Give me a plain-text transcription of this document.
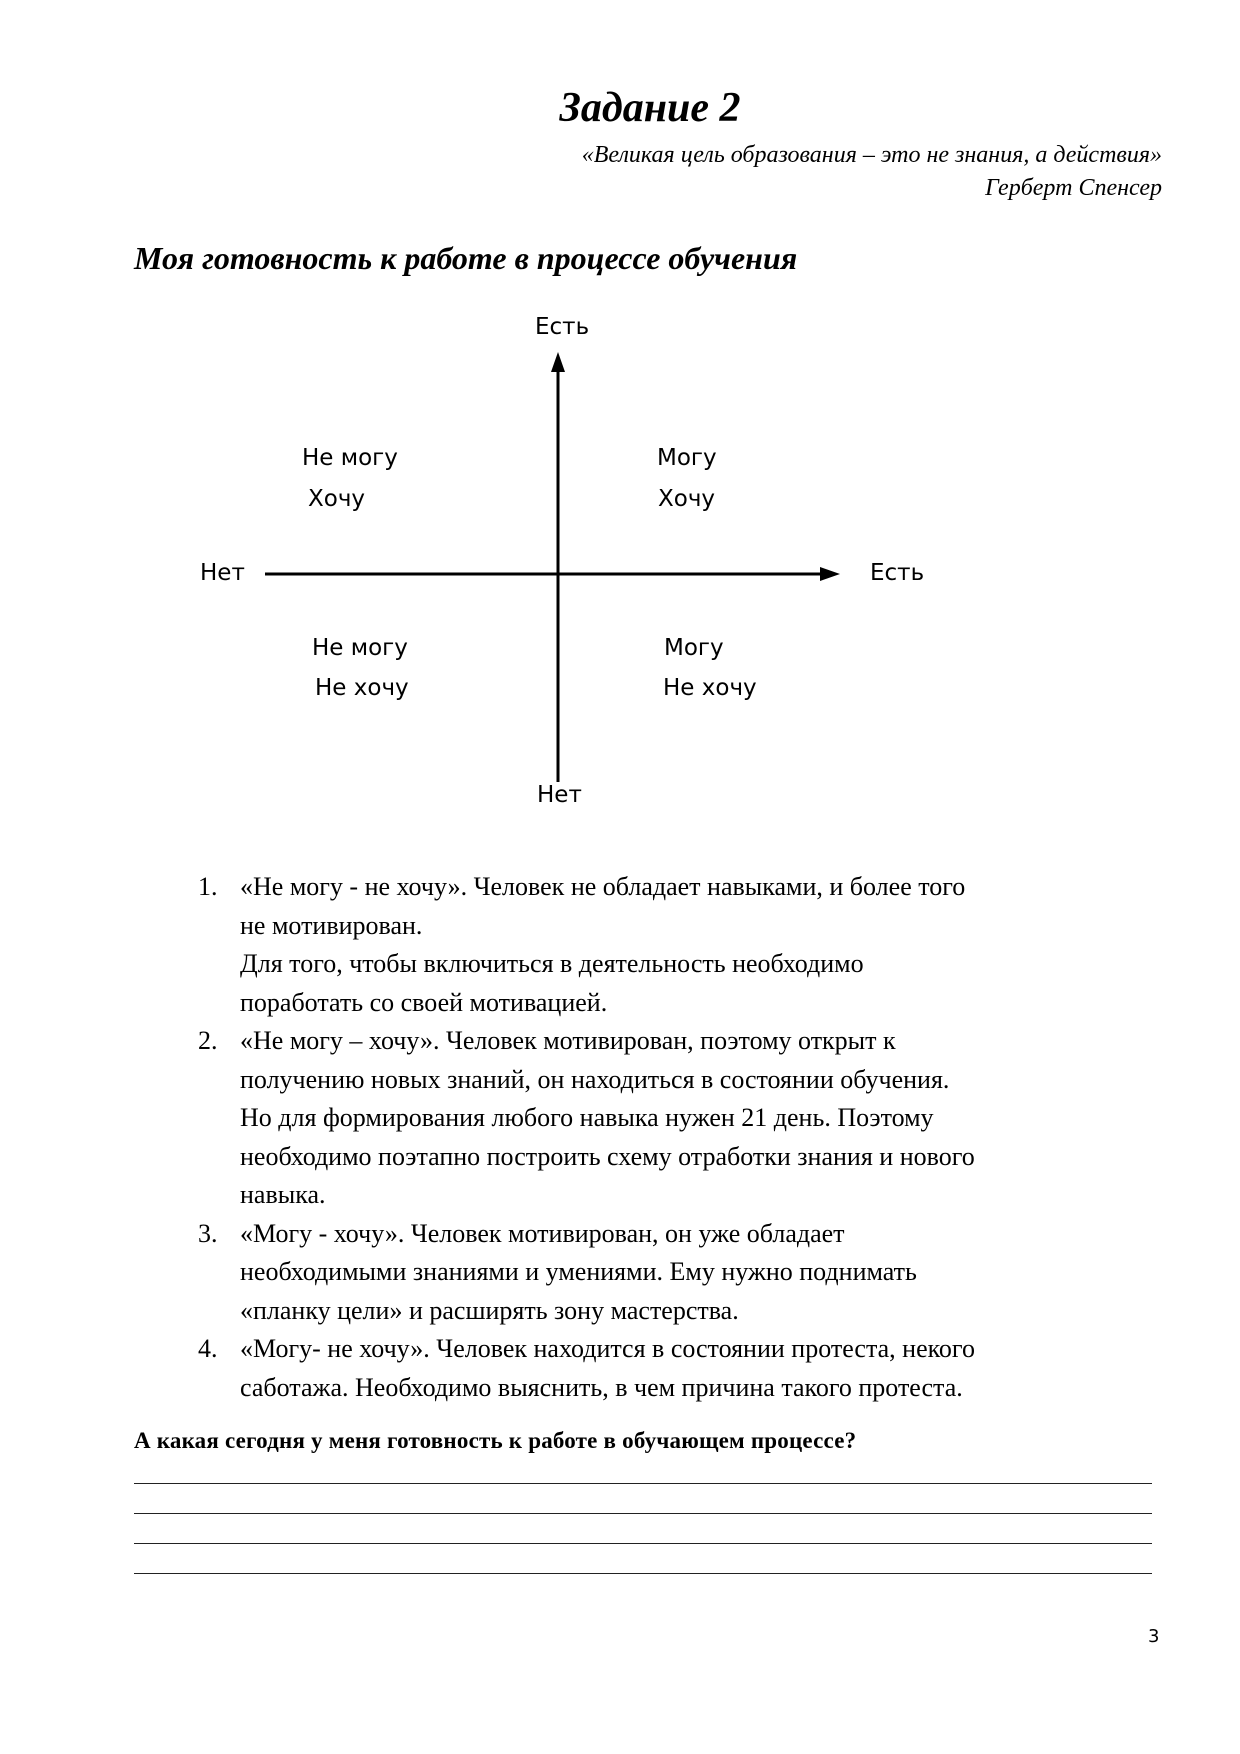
Задание 2
«Великая цель образования – это не знания, а действия»
Герберт Спенсер
Моя готовность к работе в процессе обучения
Есть
Нет
Нет	Есть
Не могу
Хочу
Могу
Хочу
Не могу
Не хочу
Могу
Не хочу
1. «Не могу - не хочу». Человек не обладает навыками, и более того
не мотивирован.
Для того, чтобы включиться в деятельность необходимо
поработать со своей мотивацией.
2. «Не могу – хочу». Человек мотивирован, поэтому открыт к
получению новых знаний, он находиться в состоянии обучения.
Но для формирования любого навыка нужен 21 день. Поэтому
необходимо поэтапно построить схему отработки знания и нового
навыка.
3. «Могу - хочу». Человек мотивирован, он уже обладает
необходимыми знаниями и умениями. Ему нужно поднимать
«планку цели» и расширять зону мастерства.
4. «Могу- не хочу». Человек находится в состоянии протеста, некого
саботажа. Необходимо выяснить, в чем причина такого протеста.
А какая сегодня у меня готовность к работе в обучающем процессе?
3
